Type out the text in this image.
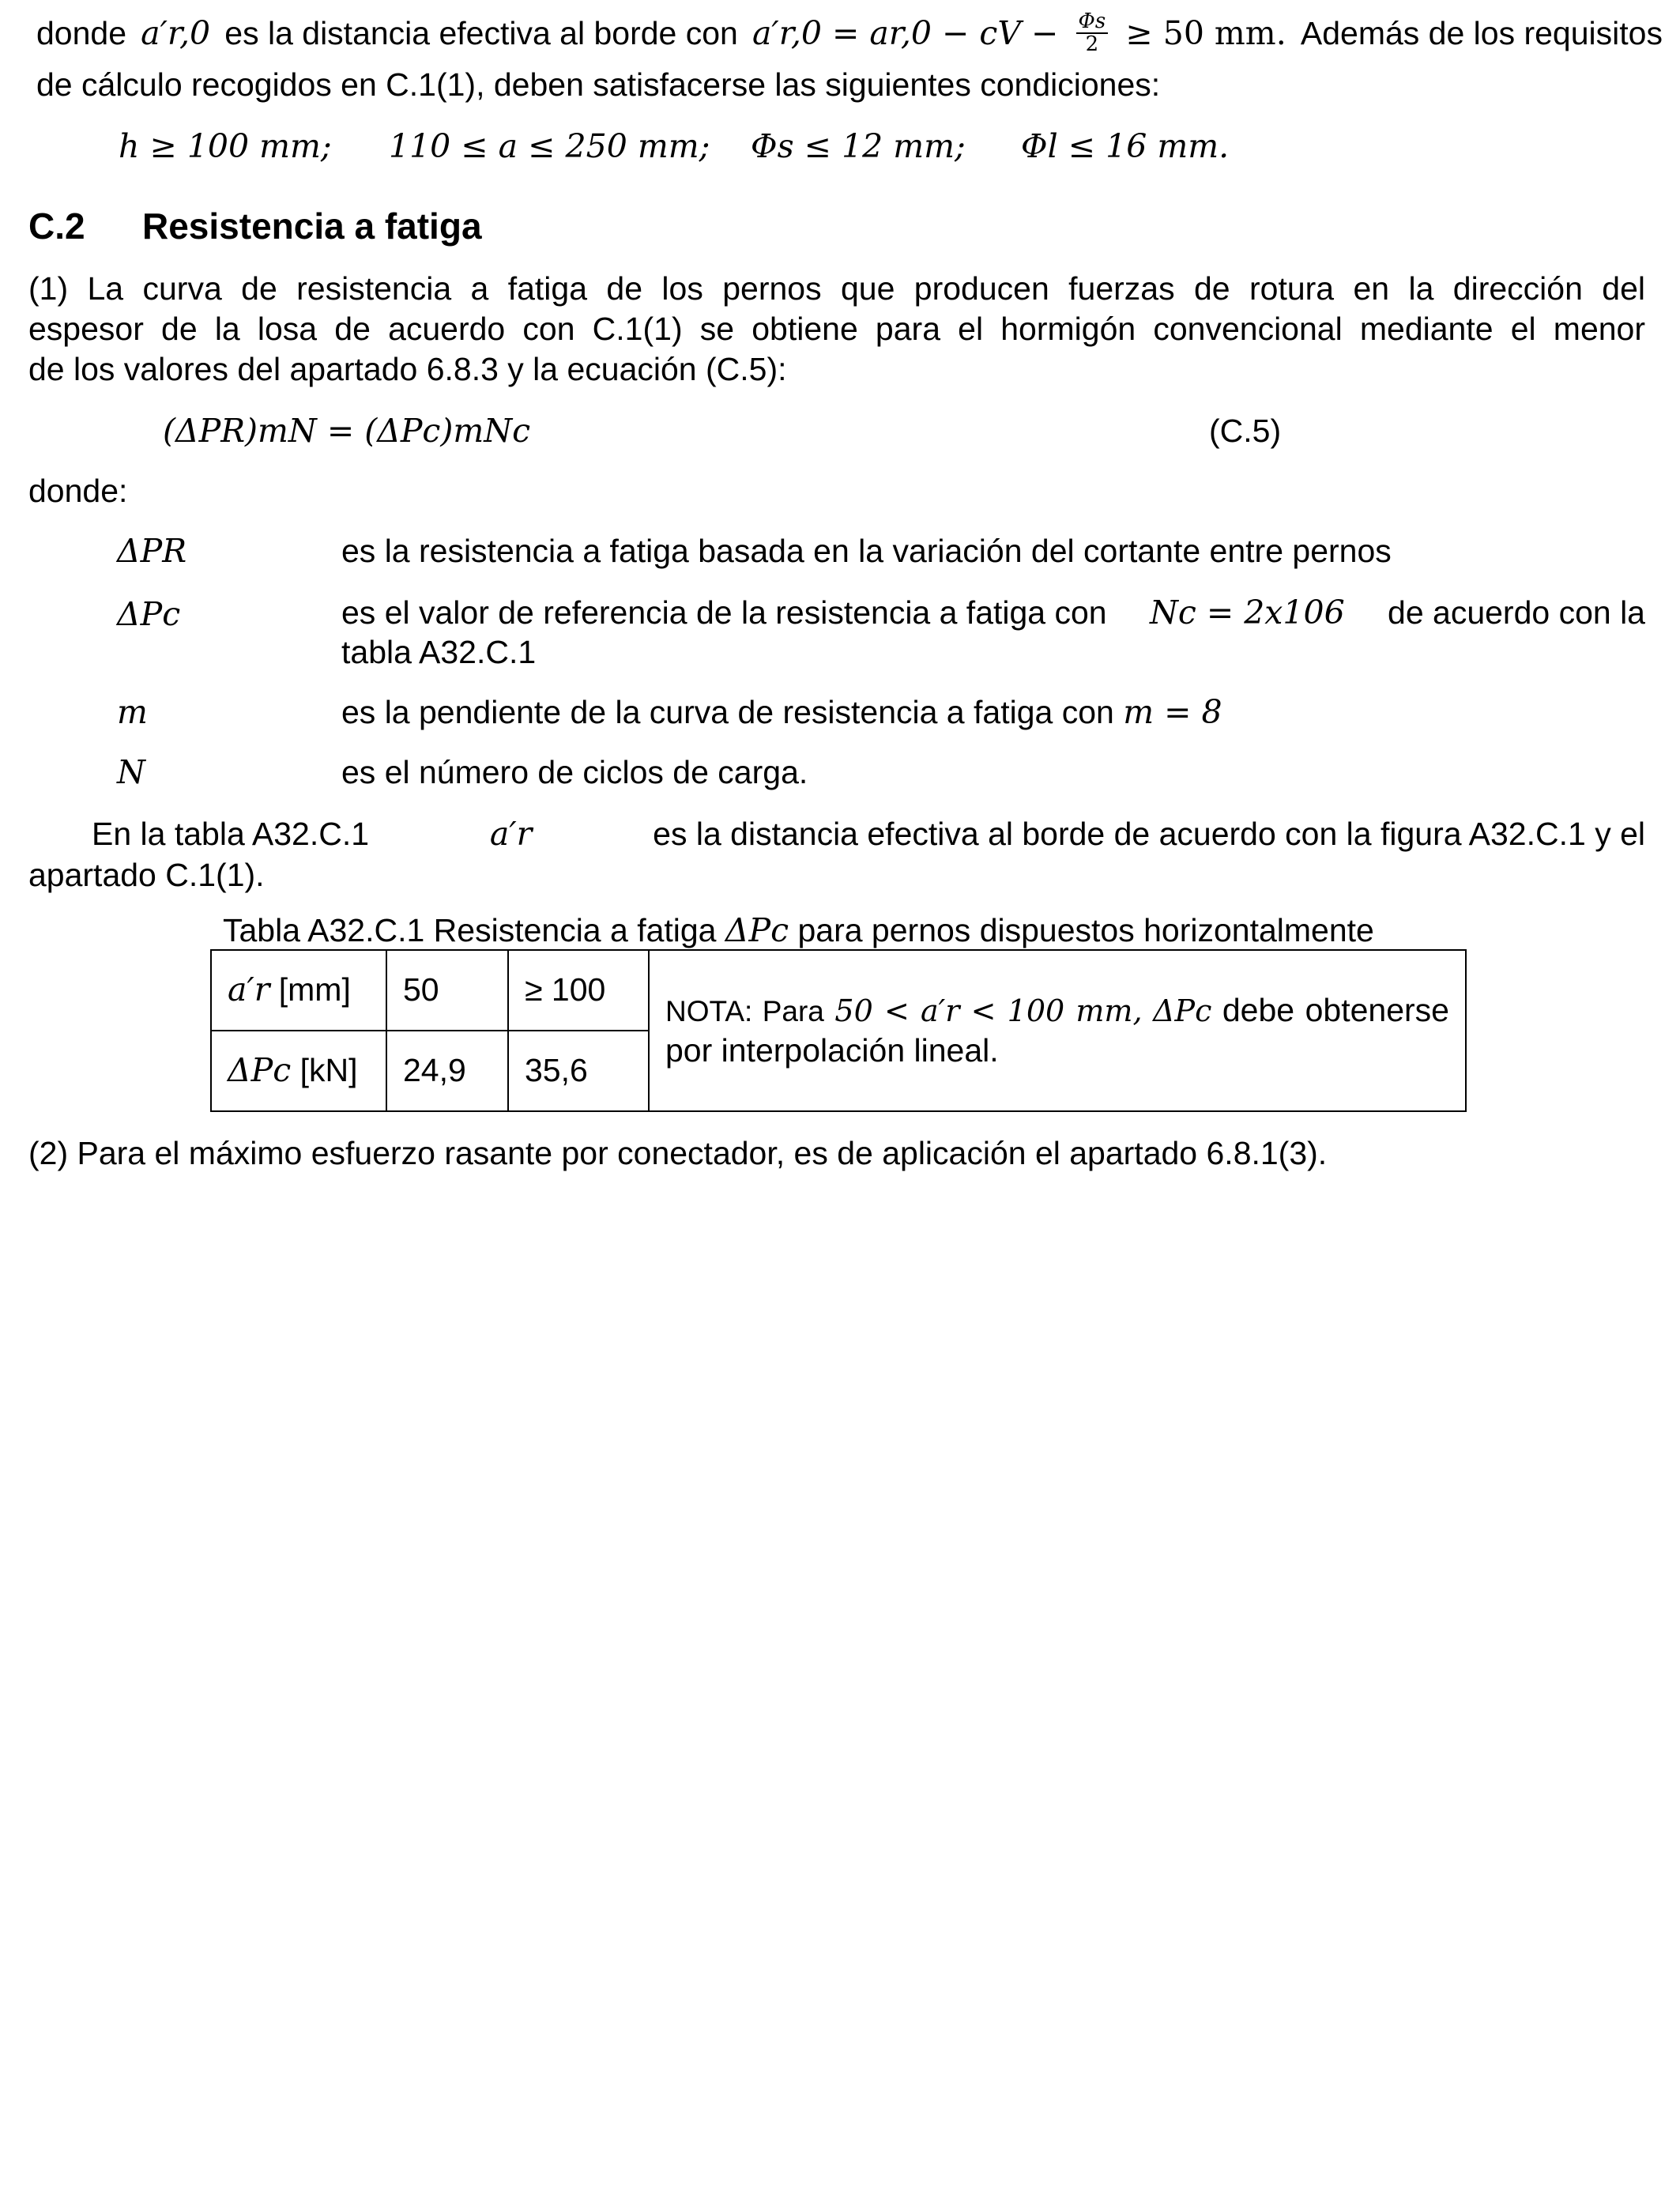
donde a′r,0 es la distancia efectiva al borde con a′r,0 = ar,0 − cV − $\frac{\Phi s}{2} \ge 50$ mm. Además de los requisitos
de cálculo recogidos en C.1(1), deben satisfacerse las siguientes condiciones:
h ≥ 100 mm; 110 ≤ a ≤ 250 mm; Φs ≤ 12 mm; Φl ≤ 16 mm.
C.2 Resistencia a fatiga
(1) La curva de resistencia a fatiga de los pernos que producen fuerzas de rotura en la dirección del
espesor de la losa de acuerdo con C.1(1) se obtiene para el hormigón convencional mediante el menor
de los valores del apartado 6.8.3 y la ecuación (C.5):
(ΔPR)mN = (ΔPc)mNc	(C.5)
donde:
ΔPR	es la resistencia a fatiga basada en la variación del cortante entre pernos
ΔPc	es el valor de referencia de la resistencia a fatiga con Nc = 2x106 de acuerdo con la
tabla A32.C.1
m	es la pendiente de la curva de resistencia a fatiga con m = 8
N	es el número de ciclos de carga.
En la tabla A32.C.1	a′r	es la distancia efectiva al borde de acuerdo con la figura A32.C.1 y el
apartado C.1(1).
Tabla A32.C.1 Resistencia a fatiga ΔPc para pernos dispuestos horizontalmente
a′r [mm]	50	≥ 100	NOTA: Para 50 < a′r < 100 mm, ΔPc debe obtenerse
por interpolación lineal.

ΔPc [kN]	24,9	35,6	
(2) Para el máximo esfuerzo rasante por conectador, es de aplicación el apartado 6.8.1(3).
